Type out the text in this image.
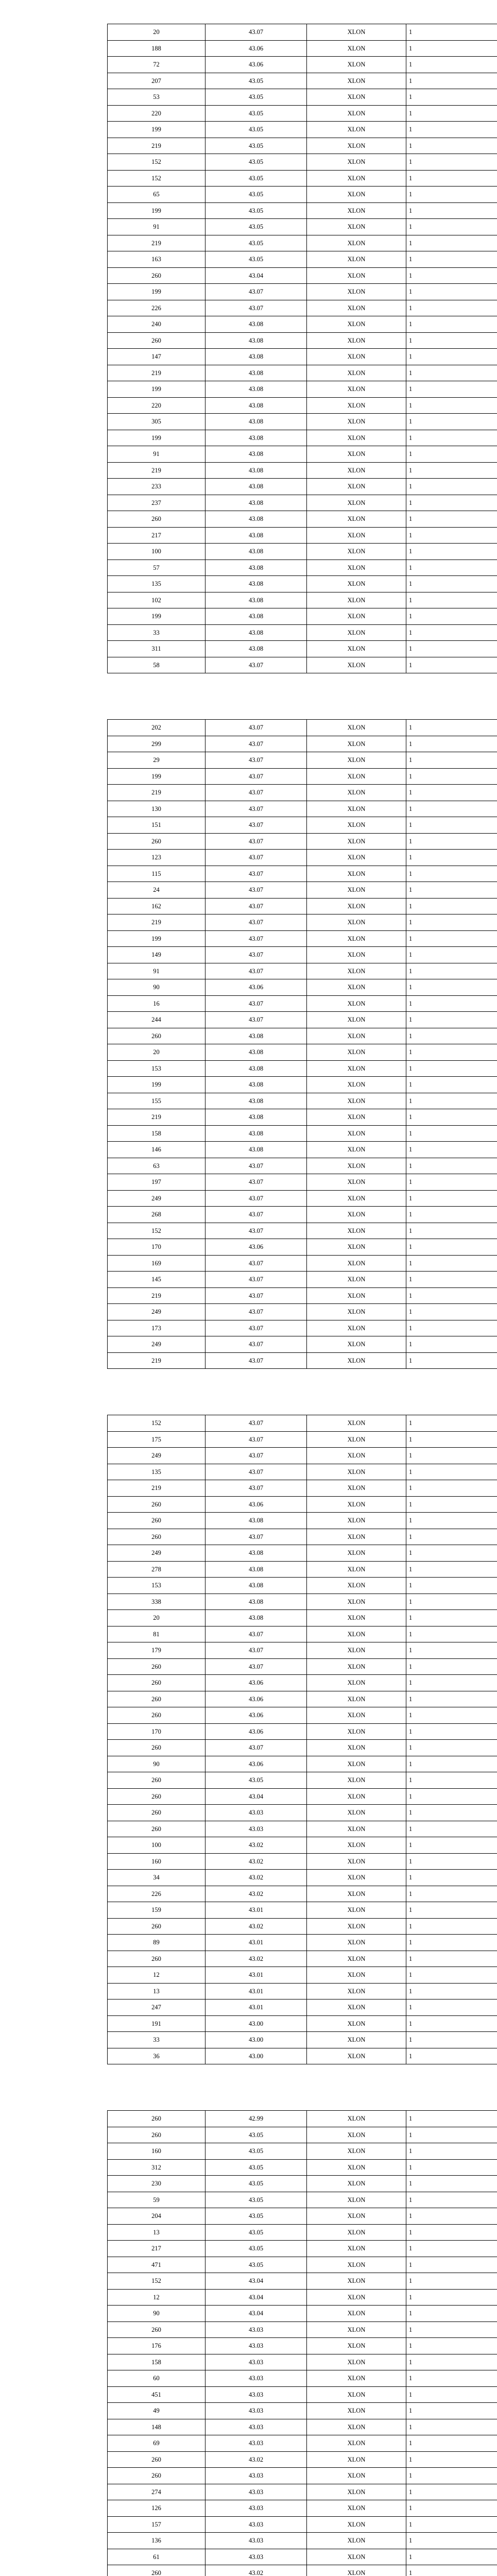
20	43.07	XLON	1
188	43.06	XLON	1
72	43.06	XLON	1
207	43.05	XLON	1
53	43.05	XLON	1
220	43.05	XLON	1
199	43.05	XLON	1
219	43.05	XLON	1
152	43.05	XLON	1
152	43.05	XLON	1
65	43.05	XLON	1
199	43.05	XLON	1
91	43.05	XLON	1
219	43.05	XLON	1
163	43.05	XLON	1
260	43.04	XLON	1
199	43.07	XLON	1
226	43.07	XLON	1
240	43.08	XLON	1
260	43.08	XLON	1
147	43.08	XLON	1
219	43.08	XLON	1
199	43.08	XLON	1
220	43.08	XLON	1
305	43.08	XLON	1
199	43.08	XLON	1
91	43.08	XLON	1
219	43.08	XLON	1
233	43.08	XLON	1
237	43.08	XLON	1
260	43.08	XLON	1
217	43.08	XLON	1
100	43.08	XLON	1
57	43.08	XLON	1
135	43.08	XLON	1
102	43.08	XLON	1
199	43.08	XLON	1
33	43.08	XLON	1
311	43.08	XLON	1
58	43.07	XLON	1
202	43.07	XLON	1
299	43.07	XLON	1
29	43.07	XLON	1
199	43.07	XLON	1
219	43.07	XLON	1
130	43.07	XLON	1
151	43.07	XLON	1
260	43.07	XLON	1
123	43.07	XLON	1
115	43.07	XLON	1
24	43.07	XLON	1
162	43.07	XLON	1
219	43.07	XLON	1
199	43.07	XLON	1
149	43.07	XLON	1
91	43.07	XLON	1
90	43.06	XLON	1
16	43.07	XLON	1
244	43.07	XLON	1
260	43.08	XLON	1
20	43.08	XLON	1
153	43.08	XLON	1
199	43.08	XLON	1
155	43.08	XLON	1
219	43.08	XLON	1
158	43.08	XLON	1
146	43.08	XLON	1
63	43.07	XLON	1
197	43.07	XLON	1
249	43.07	XLON	1
268	43.07	XLON	1
152	43.07	XLON	1
170	43.06	XLON	1
169	43.07	XLON	1
145	43.07	XLON	1
219	43.07	XLON	1
249	43.07	XLON	1
173	43.07	XLON	1
249	43.07	XLON	1
219	43.07	XLON	1
152	43.07	XLON	1
175	43.07	XLON	1
249	43.07	XLON	1
135	43.07	XLON	1
219	43.07	XLON	1
260	43.06	XLON	1
260	43.08	XLON	1
260	43.07	XLON	1
249	43.08	XLON	1
278	43.08	XLON	1
153	43.08	XLON	1
338	43.08	XLON	1
20	43.08	XLON	1
81	43.07	XLON	1
179	43.07	XLON	1
260	43.07	XLON	1
260	43.06	XLON	1
260	43.06	XLON	1
260	43.06	XLON	1
170	43.06	XLON	1
260	43.07	XLON	1
90	43.06	XLON	1
260	43.05	XLON	1
260	43.04	XLON	1
260	43.03	XLON	1
260	43.03	XLON	1
100	43.02	XLON	1
160	43.02	XLON	1
34	43.02	XLON	1
226	43.02	XLON	1
159	43.01	XLON	1
260	43.02	XLON	1
89	43.01	XLON	1
260	43.02	XLON	1
12	43.01	XLON	1
13	43.01	XLON	1
247	43.01	XLON	1
191	43.00	XLON	1
33	43.00	XLON	1
36	43.00	XLON	1
260	42.99	XLON	1
260	43.05	XLON	1
160	43.05	XLON	1
312	43.05	XLON	1
230	43.05	XLON	1
59	43.05	XLON	1
204	43.05	XLON	1
13	43.05	XLON	1
217	43.05	XLON	1
471	43.05	XLON	1
152	43.04	XLON	1
12	43.04	XLON	1
90	43.04	XLON	1
260	43.03	XLON	1
176	43.03	XLON	1
158	43.03	XLON	1
60	43.03	XLON	1
451	43.03	XLON	1
49	43.03	XLON	1
148	43.03	XLON	1
69	43.03	XLON	1
260	43.02	XLON	1
260	43.03	XLON	1
274	43.03	XLON	1
126	43.03	XLON	1
157	43.03	XLON	1
136	43.03	XLON	1
61	43.03	XLON	1
260	43.02	XLON	1
